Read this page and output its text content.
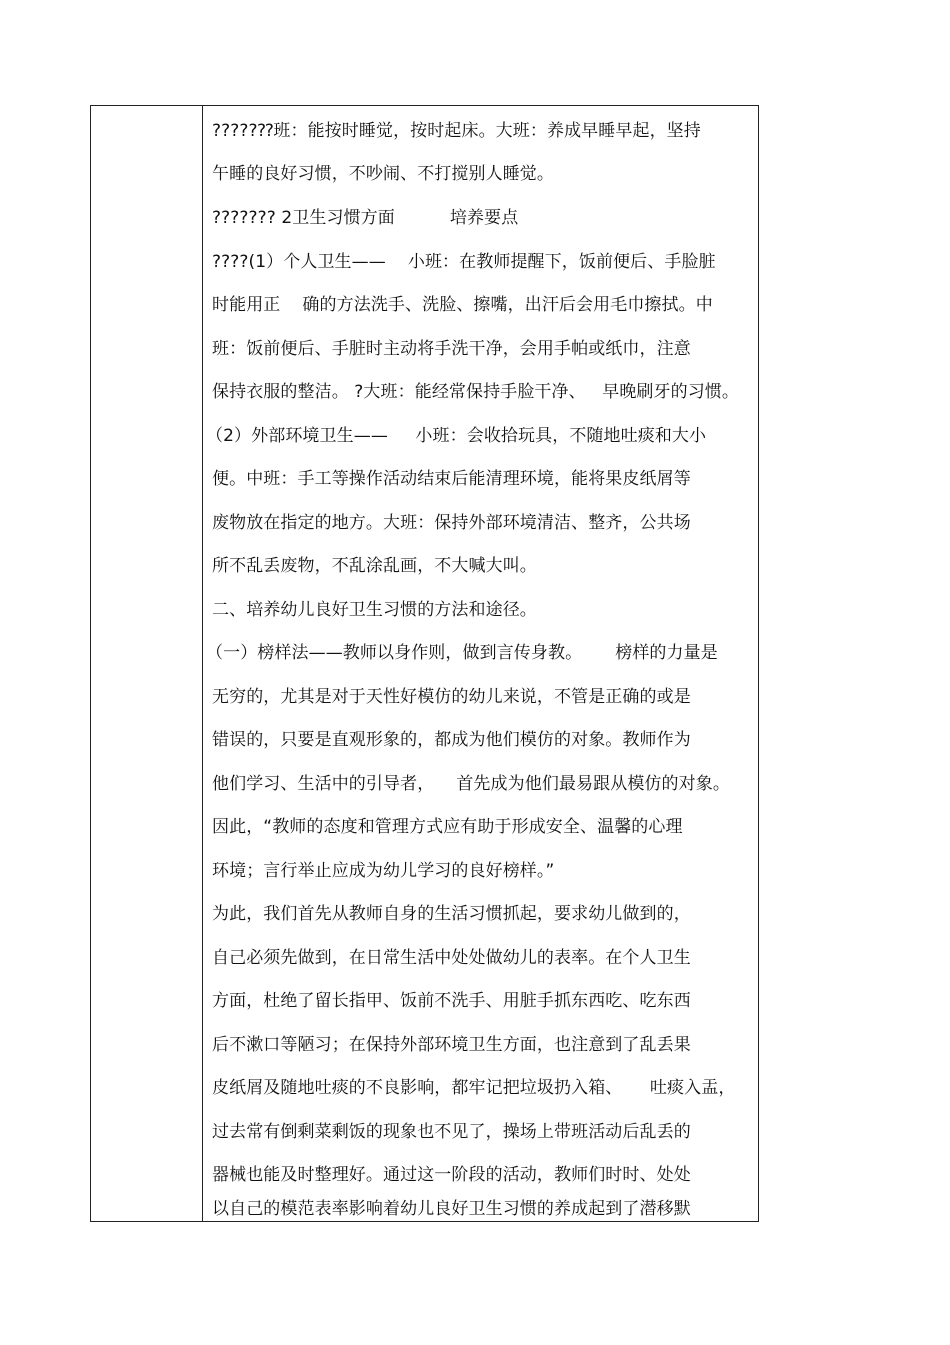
?????⁇班：能按时睡觉，按时起床。大班：养成早睡早起，坚持
午睡的良好习惯，不吵闹、不打搅别人睡觉。
??????? 2卫生习惯方面          培养要点
????(1）个人卫生——    小班：在教师提醒下，饭前便后、手脸脏
时能用正    确的方法洗手、洗脸、擦嘴，出汗后会用毛巾擦拭。中
班：饭前便后、手脏时主动将手洗干净，会用手帕或纸巾，注意
保持衣服的整洁。 ?大班：能经常保持手脸干净、   早晚刷牙的习惯。
（2）外部环境卫生——     小班：会收拾玩具，不随地吐痰和大小
便。中班：手工等操作活动结束后能清理环境，能将果皮纸屑等
废物放在指定的地方。大班：保持外部环境清洁、整齐，公共场
所不乱丢废物，不乱涂乱画，不大喊大叫。
二、培养幼儿良好卫生习惯的方法和途径。
（一）榜样法——教师以身作则，做到言传身教。      榜样的力量是
无穷的，尤其是对于天性好模仿的幼儿来说，不管是正确的或是
错误的，只要是直观形象的，都成为他们模仿的对象。教师作为
他们学习、生活中的引导者，    首先成为他们最易跟从模仿的对象。
因此，“教师的态度和管理方式应有助于形成安全、温馨的心理
环境；言行举止应成为幼儿学习的良好榜样。”
为此，我们首先从教师自身的生活习惯抓起，要求幼儿做到的，
自己必须先做到，在日常生活中处处做幼儿的表率。在个人卫生
方面，杜绝了留长指甲、饭前不洗手、用脏手抓东西吃、吃东西
后不漱口等陋习；在保持外部环境卫生方面，也注意到了乱丢果
皮纸屑及随地吐痰的不良影响，都牢记把垃圾扔入箱、     吐痰入盂，
过去常有倒剩菜剩饭的现象也不见了，操场上带班活动后乱丢的
器械也能及时整理好。通过这一阶段的活动，教师们时时、处处
以自己的模范表率影响着幼儿良好卫生习惯的养成起到了潜移默
